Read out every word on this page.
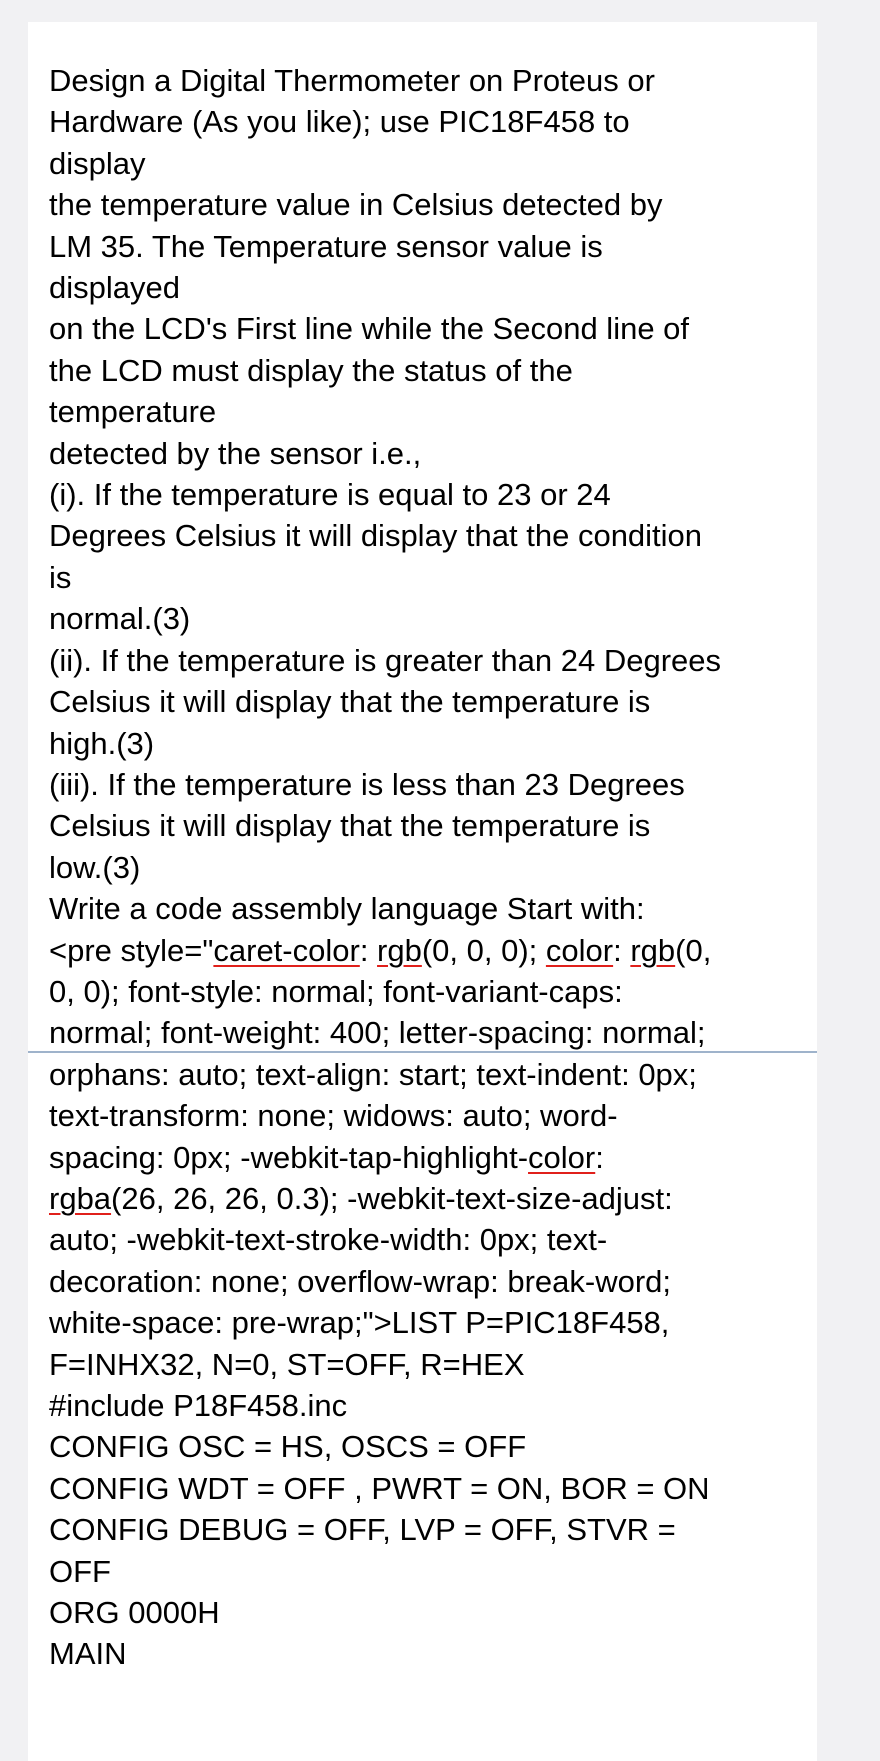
Design a Digital Thermometer on Proteus or
Hardware (As you like); use PIC18F458 to
display
the temperature value in Celsius detected by
LM 35. The Temperature sensor value is
displayed
on the LCD's First line while the Second line of
the LCD must display the status of the
temperature
detected by the sensor i.e.,
(i). If the temperature is equal to 23 or 24
Degrees Celsius it will display that the condition
is
normal.(3)
(ii). If the temperature is greater than 24 Degrees
Celsius it will display that the temperature is
high.(3)
(iii). If the temperature is less than 23 Degrees
Celsius it will display that the temperature is
low.(3)
Write a code assembly language Start with:
<pre style="caret-color: rgb(0, 0, 0); color: rgb(0,
0, 0); font-style: normal; font-variant-caps:
normal; font-weight: 400; letter-spacing: normal;
orphans: auto; text-align: start; text-indent: 0px;
text-transform: none; widows: auto; word-
spacing: 0px; -webkit-tap-highlight-color:
rgba(26, 26, 26, 0.3); -webkit-text-size-adjust:
auto; -webkit-text-stroke-width: 0px; text-
decoration: none; overflow-wrap: break-word;
white-space: pre-wrap;">LIST P=PIC18F458,
F=INHX32, N=0, ST=OFF, R=HEX
#include P18F458.inc
CONFIG OSC = HS, OSCS = OFF
CONFIG WDT = OFF , PWRT = ON, BOR = ON
CONFIG DEBUG = OFF, LVP = OFF, STVR =
OFF
ORG 0000H
MAIN
